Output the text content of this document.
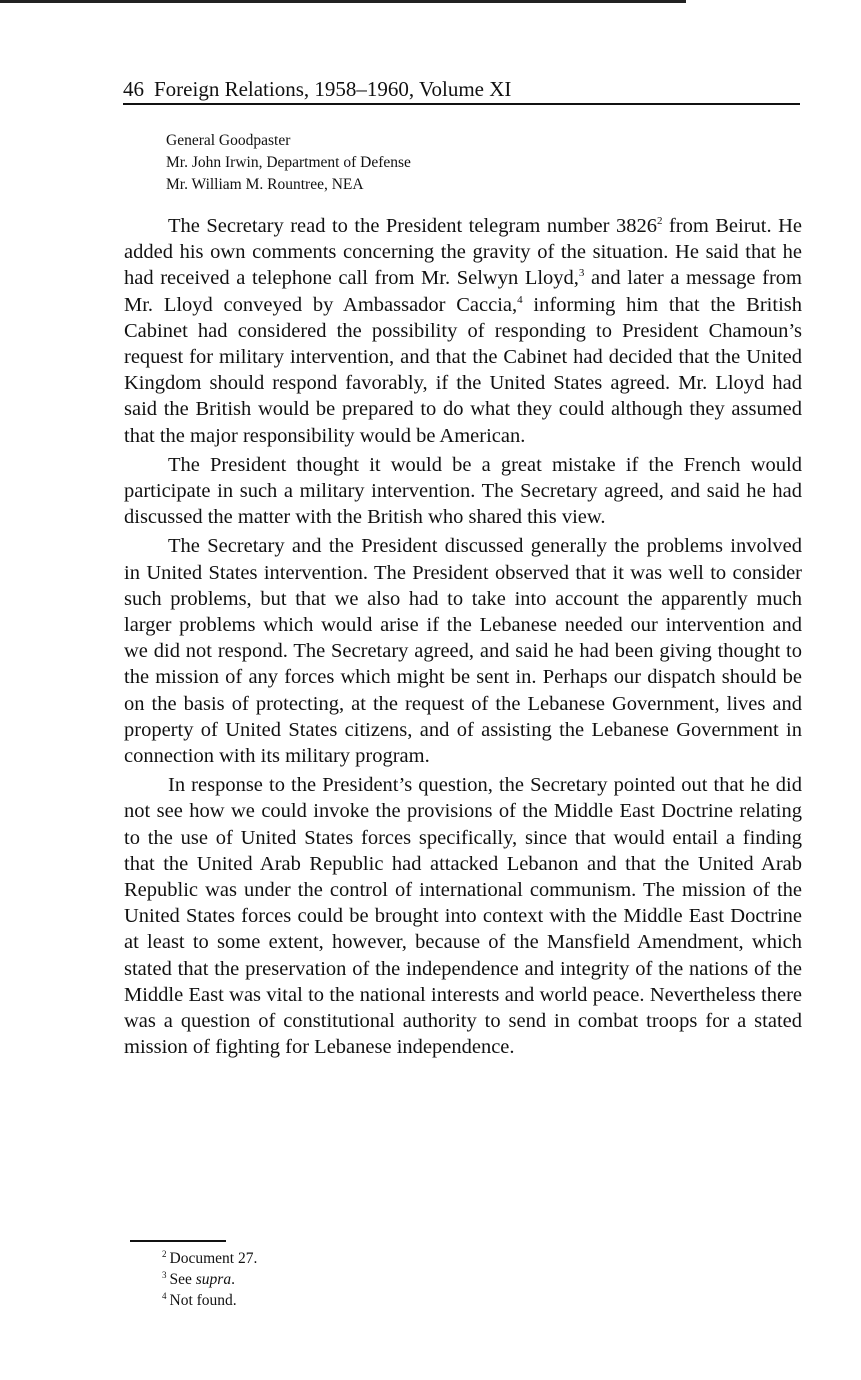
46 Foreign Relations, 1958–1960, Volume XI
General Goodpaster
Mr. John Irwin, Department of Defense
Mr. William M. Rountree, NEA

The Secretary read to the President telegram number 3826$^2$ from Beirut. He added his own comments concerning the gravity of the situation. He said that he had received a telephone call from Mr. Selwyn Lloyd,$^3$ and later a message from Mr. Lloyd conveyed by Ambassador Caccia,$^4$ informing him that the British Cabinet had considered the possibility of responding to President Chamoun’s request for military intervention, and that the Cabinet had decided that the United Kingdom should respond favorably, if the United States agreed. Mr. Lloyd had said the British would be prepared to do what they could although they assumed that the major responsibility would be American.

The President thought it would be a great mistake if the French would participate in such a military intervention. The Secretary agreed, and said he had discussed the matter with the British who shared this view.

The Secretary and the President discussed generally the problems involved in United States intervention. The President observed that it was well to consider such problems, but that we also had to take into account the apparently much larger problems which would arise if the Lebanese needed our intervention and we did not respond. The Secretary agreed, and said he had been giving thought to the mission of any forces which might be sent in. Perhaps our dispatch should be on the basis of protecting, at the request of the Lebanese Government, lives and property of United States citizens, and of assisting the Lebanese Government in connection with its military program.

In response to the President’s question, the Secretary pointed out that he did not see how we could invoke the provisions of the Middle East Doctrine relating to the use of United States forces specifically, since that would entail a finding that the United Arab Republic had attacked Lebanon and that the United Arab Republic was under the control of international communism. The mission of the United States forces could be brought into context with the Middle East Doctrine at least to some extent, however, because of the Mansfield Amendment, which stated that the preservation of the independence and integrity of the nations of the Middle East was vital to the national interests and world peace. Nevertheless there was a question of constitutional authority to send in combat troops for a stated mission of fighting for Lebanese independence.

$^2$ Document 27.
$^3$ See supra.
$^4$ Not found.
